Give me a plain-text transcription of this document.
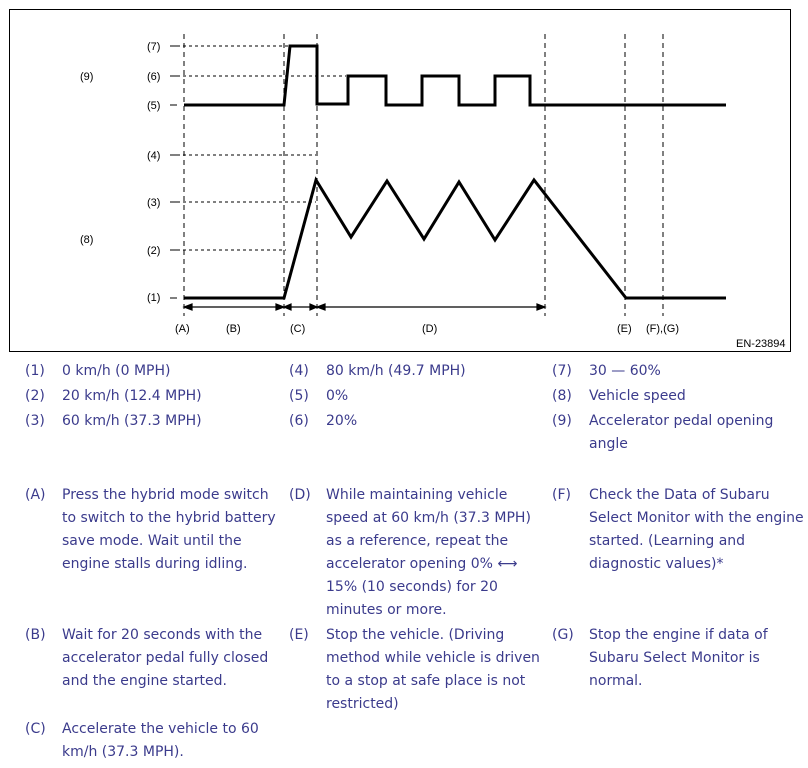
(9)
(8)
(7)
(6)
(5)
(4)
(3)
(2)
(1)
(A)	(B)	(C)	(D)	(E) (F),(G)
EN-23894
(1) 0 km/h (0 MPH)
(2) 20 km/h (12.4 MPH)
(3) 60 km/h (37.3 MPH)
(4) 80 km/h (49.7 MPH)
(5) 0%
(6) 20%
(7) 30 — 60%
(8) Vehicle speed
(9) Accelerator pedal opening
angle
(A) Press the hybrid mode switch
to switch to the hybrid battery
save mode. Wait until the
engine stalls during idling.
(B) Wait for 20 seconds with the
accelerator pedal fully closed
and the engine started.
(C) Accelerate the vehicle to 60
km/h (37.3 MPH).
(D) While maintaining vehicle
speed at 60 km/h (37.3 MPH)
as a reference, repeat the
accelerator opening 0% ⟷
15% (10 seconds) for 20
minutes or more.
(E) Stop the vehicle. (Driving
method while vehicle is driven
to a stop at safe place is not
restricted)
(F) Check the Data of Subaru
Select Monitor with the engine
started. (Learning and
diagnostic values)*
(G) Stop the engine if data of
Subaru Select Monitor is
normal.
